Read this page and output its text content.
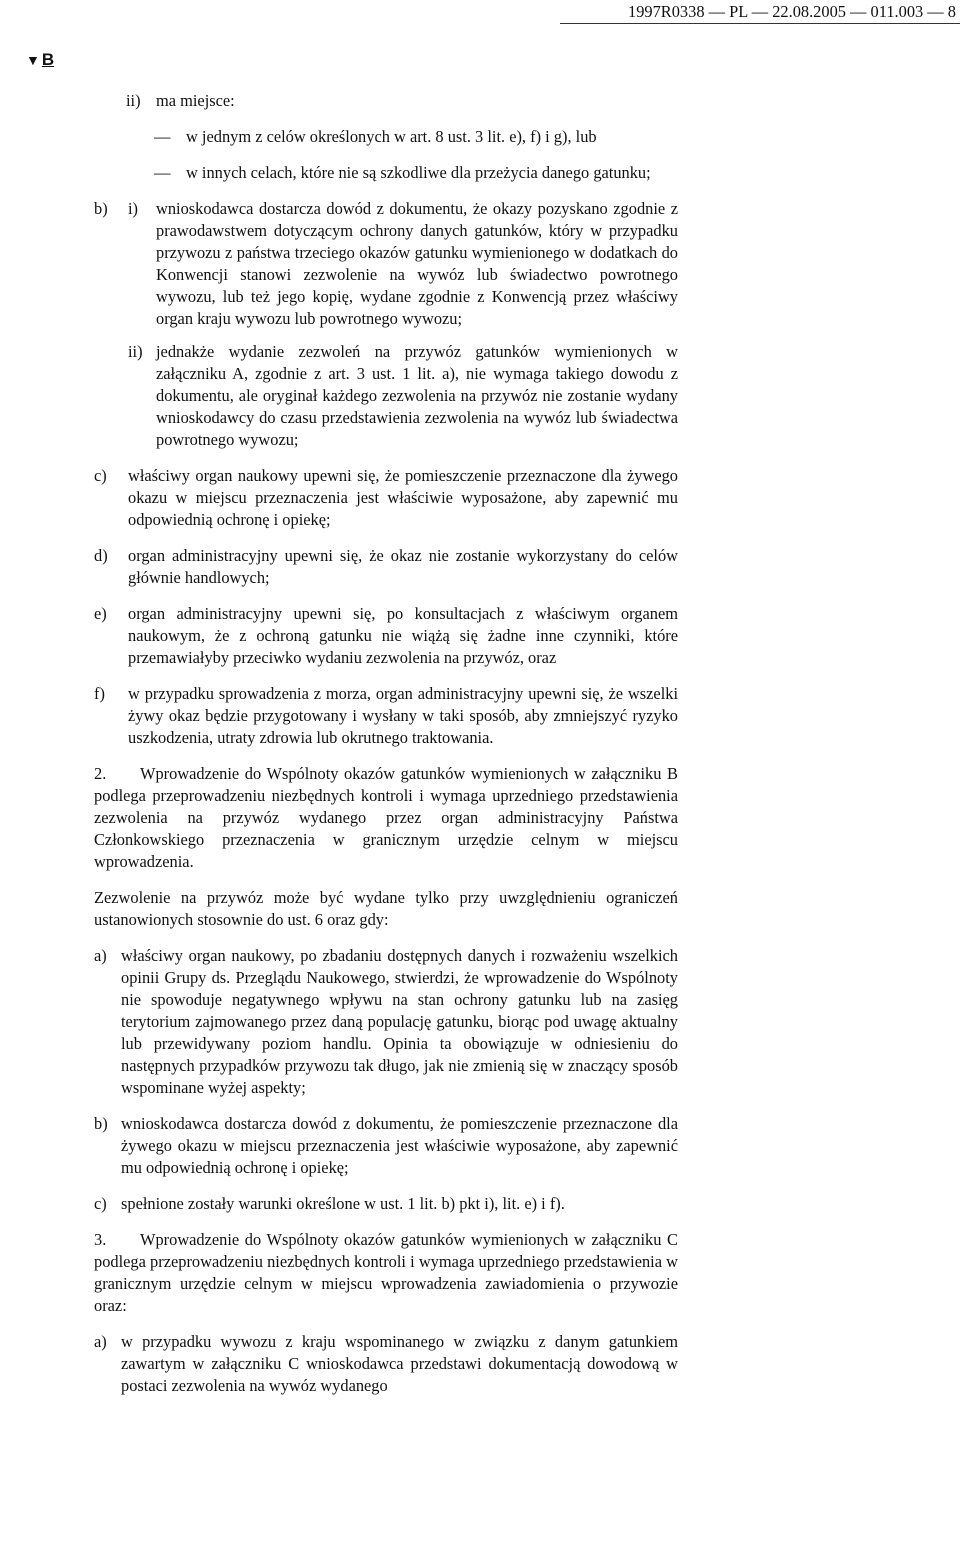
1997R0338 — PL — 22.08.2005 — 011.003 — 8
▼ B
ii) ma miejsce:
— w jednym z celów określonych w art. 8 ust. 3 lit. e), f) i g), lub
— w innych celach, które nie są szkodliwe dla przeżycia danego gatunku;
b)	i)	wnioskodawca dostarcza dowód z dokumentu, że okazy pozyskano zgodnie z prawodawstwem dotyczącym ochrony danych gatunków, który w przypadku przywozu z państwa trzeciego okazów gatunku wymienionego w dodatkach do Konwencji stanowi zezwolenie na wywóz lub świadectwo powrotnego wywozu, lub też jego kopię, wydane zgodnie z Konwencją przez właściwy organ kraju wywozu lub powrotnego wywozu;
ii) jednakże wydanie zezwoleń na przywóz gatunków wymienionych w załączniku A, zgodnie z art. 3 ust. 1 lit. a), nie wymaga takiego dowodu z dokumentu, ale oryginał każdego zezwolenia na przywóz nie zostanie wydany wnioskodawcy do czasu przedstawienia zezwolenia na wywóz lub świadectwa powrotnego wywozu;
c)	właściwy organ naukowy upewni się, że pomieszczenie przeznaczone dla żywego okazu w miejscu przeznaczenia jest właściwie wyposażone, aby zapewnić mu odpowiednią ochronę i opiekę;
d)	organ administracyjny upewni się, że okaz nie zostanie wykorzystany do celów głównie handlowych;
e)	organ administracyjny upewni się, po konsultacjach z właściwym organem naukowym, że z ochroną gatunku nie wiążą się żadne inne czynniki, które przemawiałyby przeciwko wydaniu zezwolenia na przywóz, oraz
f)	w przypadku sprowadzenia z morza, organ administracyjny upewni się, że wszelki żywy okaz będzie przygotowany i wysłany w taki sposób, aby zmniejszyć ryzyko uszkodzenia, utraty zdrowia lub okrutnego traktowania.

2. Wprowadzenie do Wspólnoty okazów gatunków wymienionych w załączniku B podlega przeprowadzeniu niezbędnych kontroli i wymaga uprzedniego przedstawienia zezwolenia na przywóz wydanego przez organ administracyjny Państwa Członkowskiego przeznaczenia w granicznym urzędzie celnym w miejscu wprowadzenia.

Zezwolenie na przywóz może być wydane tylko przy uwzględnieniu ograniczeń ustanowionych stosownie do ust. 6 oraz gdy:

a) właściwy organ naukowy, po zbadaniu dostępnych danych i rozważeniu wszelkich opinii Grupy ds. Przeglądu Naukowego, stwierdzi, że wprowadzenie do Wspólnoty nie spowoduje negatywnego wpływu na stan ochrony gatunku lub na zasięg terytorium zajmowanego przez daną populację gatunku, biorąc pod uwagę aktualny lub przewidywany poziom handlu. Opinia ta obowiązuje w odniesieniu do następnych przypadków przywozu tak długo, jak nie zmienią się w znaczący sposób wspominane wyżej aspekty;
b) wnioskodawca dostarcza dowód z dokumentu, że pomieszczenie przeznaczone dla żywego okazu w miejscu przeznaczenia jest właściwie wyposażone, aby zapewnić mu odpowiednią ochronę i opiekę;
c) spełnione zostały warunki określone w ust. 1 lit. b) pkt i), lit. e) i f).

3. Wprowadzenie do Wspólnoty okazów gatunków wymienionych w załączniku C podlega przeprowadzeniu niezbędnych kontroli i wymaga uprzedniego przedstawienia w granicznym urzędzie celnym w miejscu wprowadzenia zawiadomienia o przywozie oraz:

a) w przypadku wywozu z kraju wspominanego w związku z danym gatunkiem zawartym w załączniku C wnioskodawca przedstawi dokumentacją dowodową w postaci zezwolenia na wywóz wydanego
